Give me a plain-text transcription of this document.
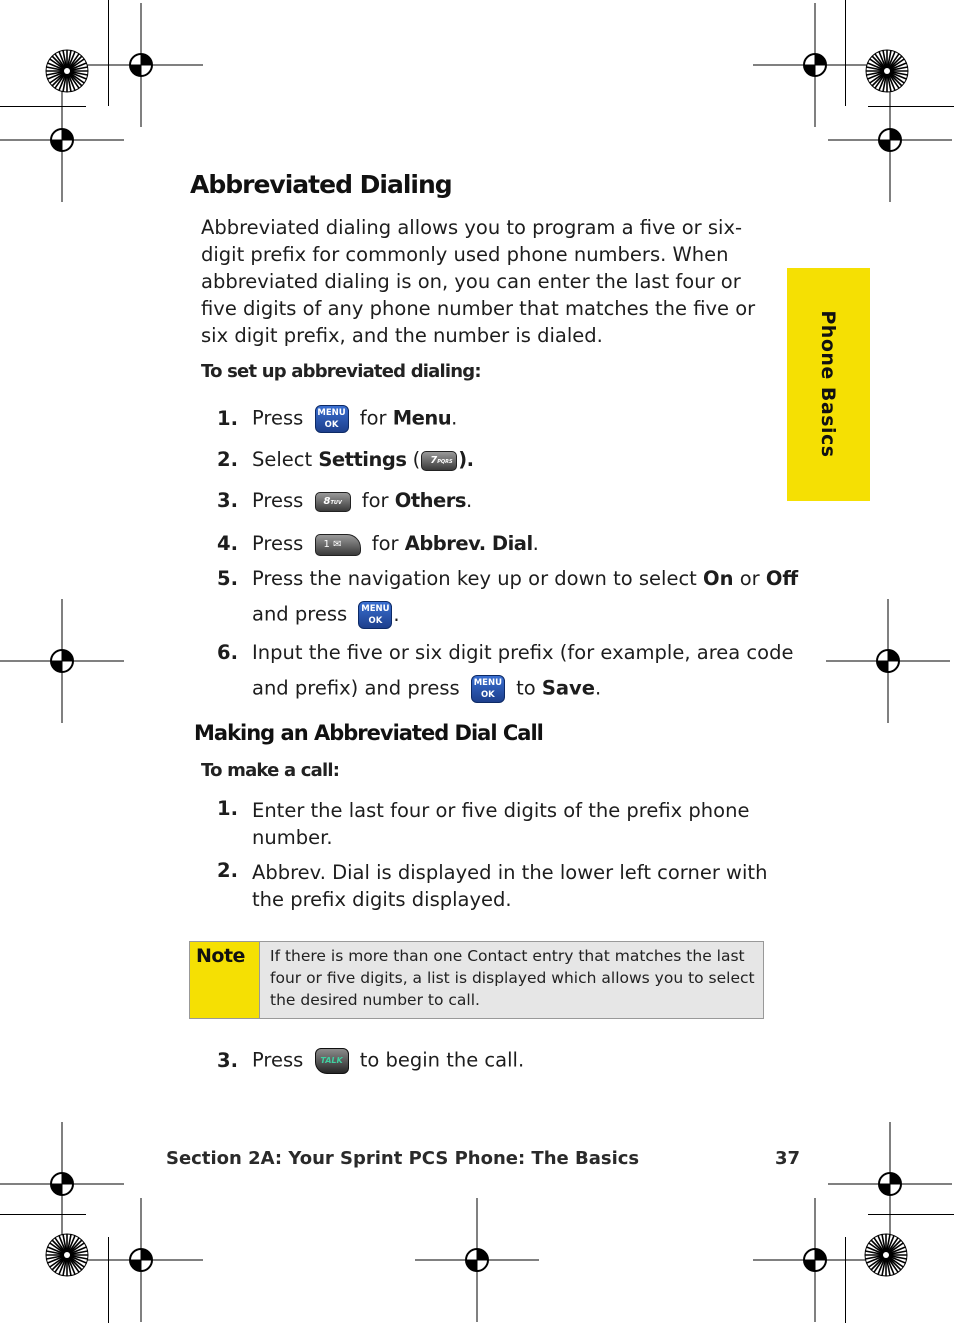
Phone Basics
Abbreviated Dialing

Abbreviated dialing allows you to program a five or six-digit prefix for commonly used phone numbers. When abbreviated dialing is on, you can enter the last four or five digits of any phone number that matches the five or six digit prefix, and the number is dialed.

To set up abbreviated dialing:
1. Press MENU
OK for Menu.
2. Select Settings ( 7PQRS ).
3. Press 8TUV for Others.
4. Press 1 ✉ for Abbrev. Dial.
5. Press the navigation key up or down to select On or Off
and press MENU
OK .
6. Input the five or six digit prefix (for example, area code
and prefix) and press MENU
OK to Save.
Making an Abbreviated Dial Call
To make a call:
1. Enter the last four or five digits of the prefix phone number.
2. Abbrev. Dial is displayed in the lower left corner with the prefix digits displayed.
Note If there is more than one Contact entry that matches the last four or five digits, a list is displayed which allows you to select the desired number to call.
3. Press TALK to begin the call.
Section 2A: Your Sprint PCS Phone: The Basics	37
